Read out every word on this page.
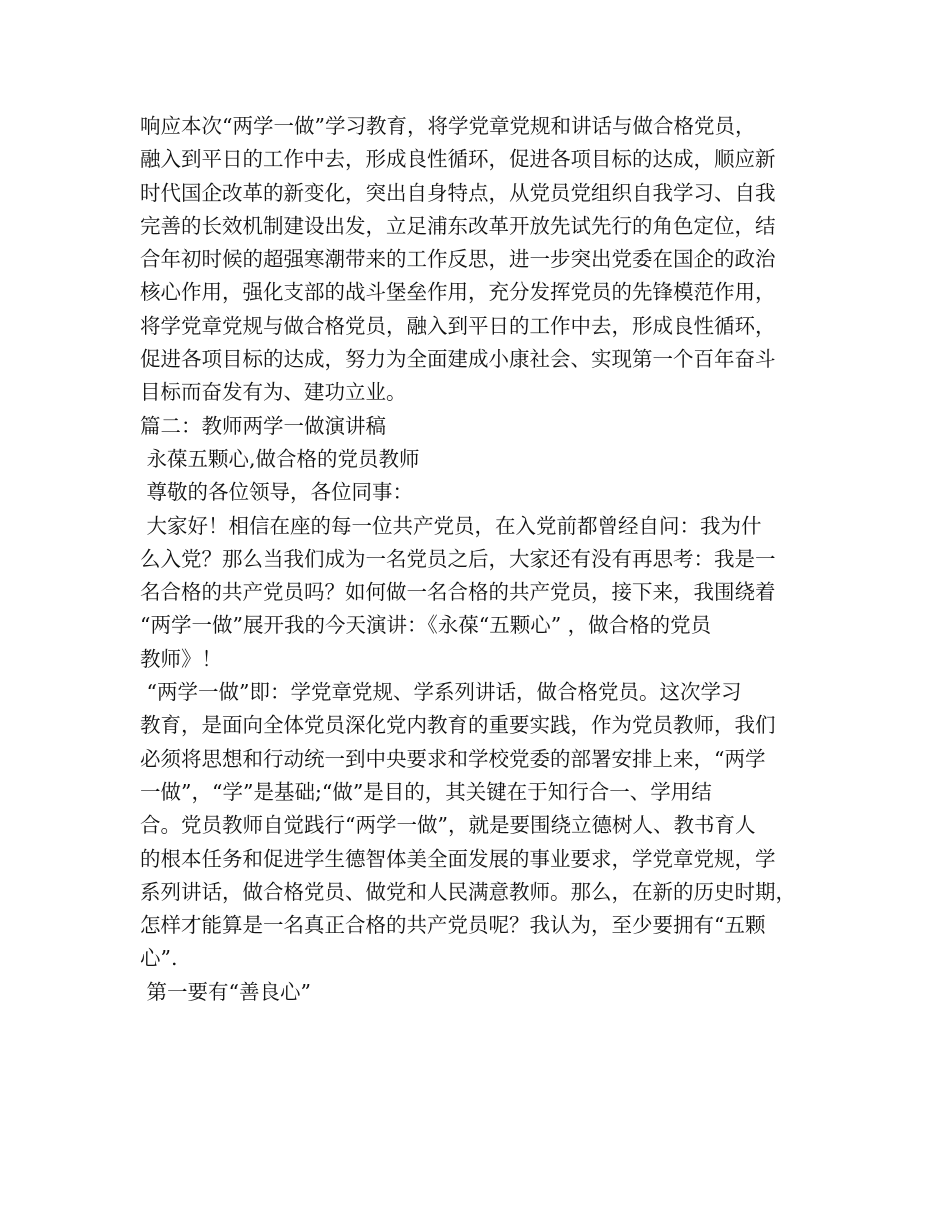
响应本次“两学一做”学习教育，将学党章党规和讲话与做合格党员，
融入到平日的工作中去，形成良性循环，促进各项目标的达成，顺应新
时代国企改革的新变化，突出自身特点，从党员党组织自我学习、自我
完善的长效机制建设出发，立足浦东改革开放先试先行的角色定位，结
合年初时候的超强寒潮带来的工作反思，进一步突出党委在国企的政治
核心作用，强化支部的战斗堡垒作用，充分发挥党员的先锋模范作用，
将学党章党规与做合格党员，融入到平日的工作中去，形成良性循环，
促进各项目标的达成，努力为全面建成小康社会、实现第一个百年奋斗
目标而奋发有为、建功立业。
篇二：教师两学一做演讲稿
永葆五颗心,做合格的党员教师
尊敬的各位领导，各位同事：
大家好！相信在座的每一位共产党员，在入党前都曾经自问：我为什
么入党？那么当我们成为一名党员之后，大家还有没有再思考：我是一
名合格的共产党员吗？如何做一名合格的共产党员，接下来，我围绕着
“两学一做”展开我的今天演讲：《永葆“五颗心” ，做合格的党员
教师》！
“两学一做”即：学党章党规、学系列讲话，做合格党员。这次学习
教育，是面向全体党员深化党内教育的重要实践，作为党员教师，我们
必须将思想和行动统一到中央要求和学校党委的部署安排上来，“两学
一做”，“学”是基础;“做”是目的，其关键在于知行合一、学用结
合。党员教师自觉践行“两学一做”，就是要围绕立德树人、教书育人
的根本任务和促进学生德智体美全面发展的事业要求，学党章党规，学
系列讲话，做合格党员、做党和人民满意教师。那么，在新的历史时期，
怎样才能算是一名真正合格的共产党员呢？我认为，至少要拥有“五颗
心”.
第一要有“善良心”
